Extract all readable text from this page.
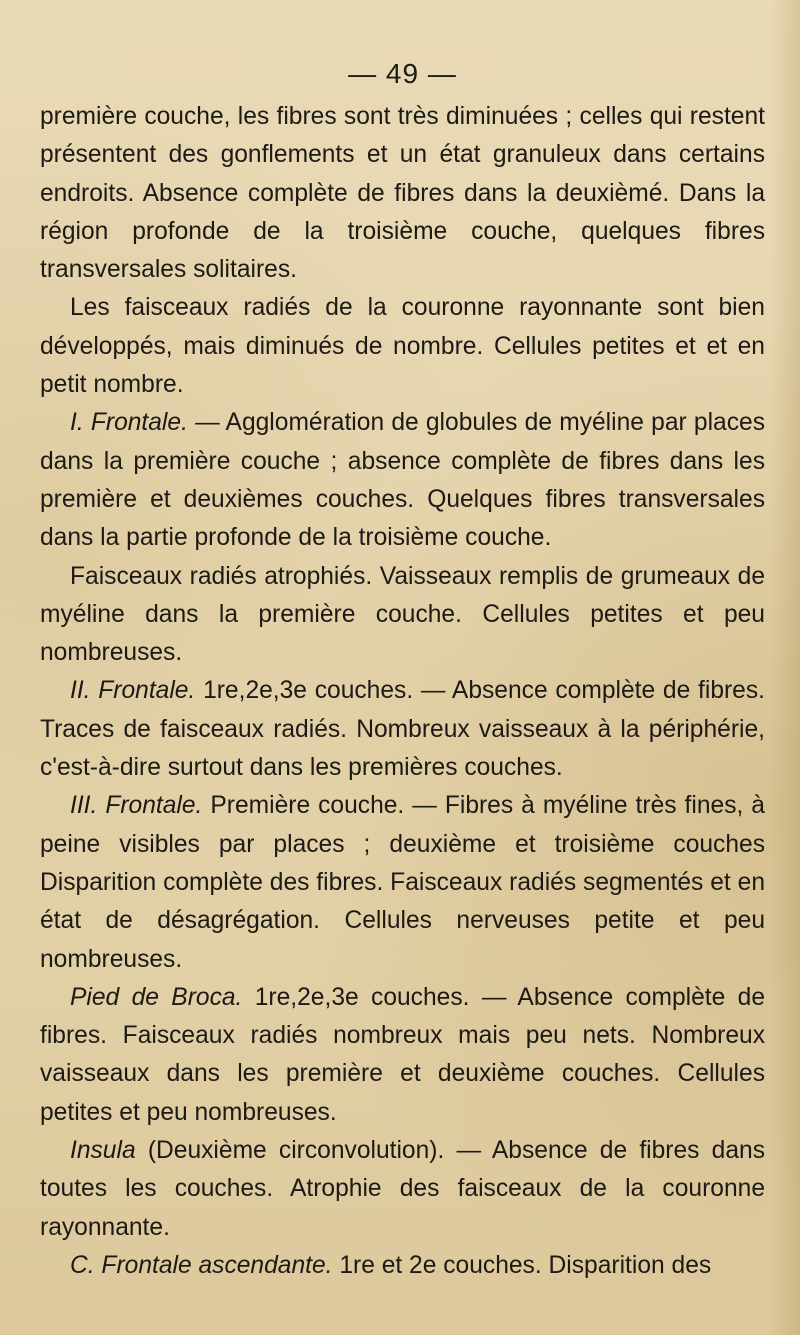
— 49 —

première couche, les fibres sont très diminuées ; celles qui restent présentent des gonflements et un état granuleux dans certains endroits. Absence complète de fibres dans la deuxièmé. Dans la région profonde de la troisième couche, quelques fibres transversales solitaires.

Les faisceaux radiés de la couronne rayonnante sont bien développés, mais diminués de nombre. Cellules petites et et en petit nombre.

I. Frontale. — Agglomération de globules de myéline par places dans la première couche ; absence complète de fibres dans les première et deuxièmes couches. Quelques fibres transversales dans la partie profonde de la troisième couche.

Faisceaux radiés atrophiés. Vaisseaux remplis de grumeaux de myéline dans la première couche. Cellules petites et peu nombreuses.

II. Frontale. 1re,2e,3e couches. — Absence complète de fibres. Traces de faisceaux radiés. Nombreux vaisseaux à la périphérie, c'est-à-dire surtout dans les premières couches.

III. Frontale. Première couche. — Fibres à myéline très fines, à peine visibles par places ; deuxième et troisième couches Disparition complète des fibres. Faisceaux radiés segmentés et en état de désagrégation. Cellules nerveuses petite et peu nombreuses.

Pied de Broca. 1re,2e,3e couches. — Absence complète de fibres. Faisceaux radiés nombreux mais peu nets. Nombreux vaisseaux dans les première et deuxième couches. Cellules petites et peu nombreuses.

Insula (Deuxième circonvolution). — Absence de fibres dans toutes les couches. Atrophie des faisceaux de la couronne rayonnante.

C. Frontale ascendante. 1re et 2e couches. Disparition des
